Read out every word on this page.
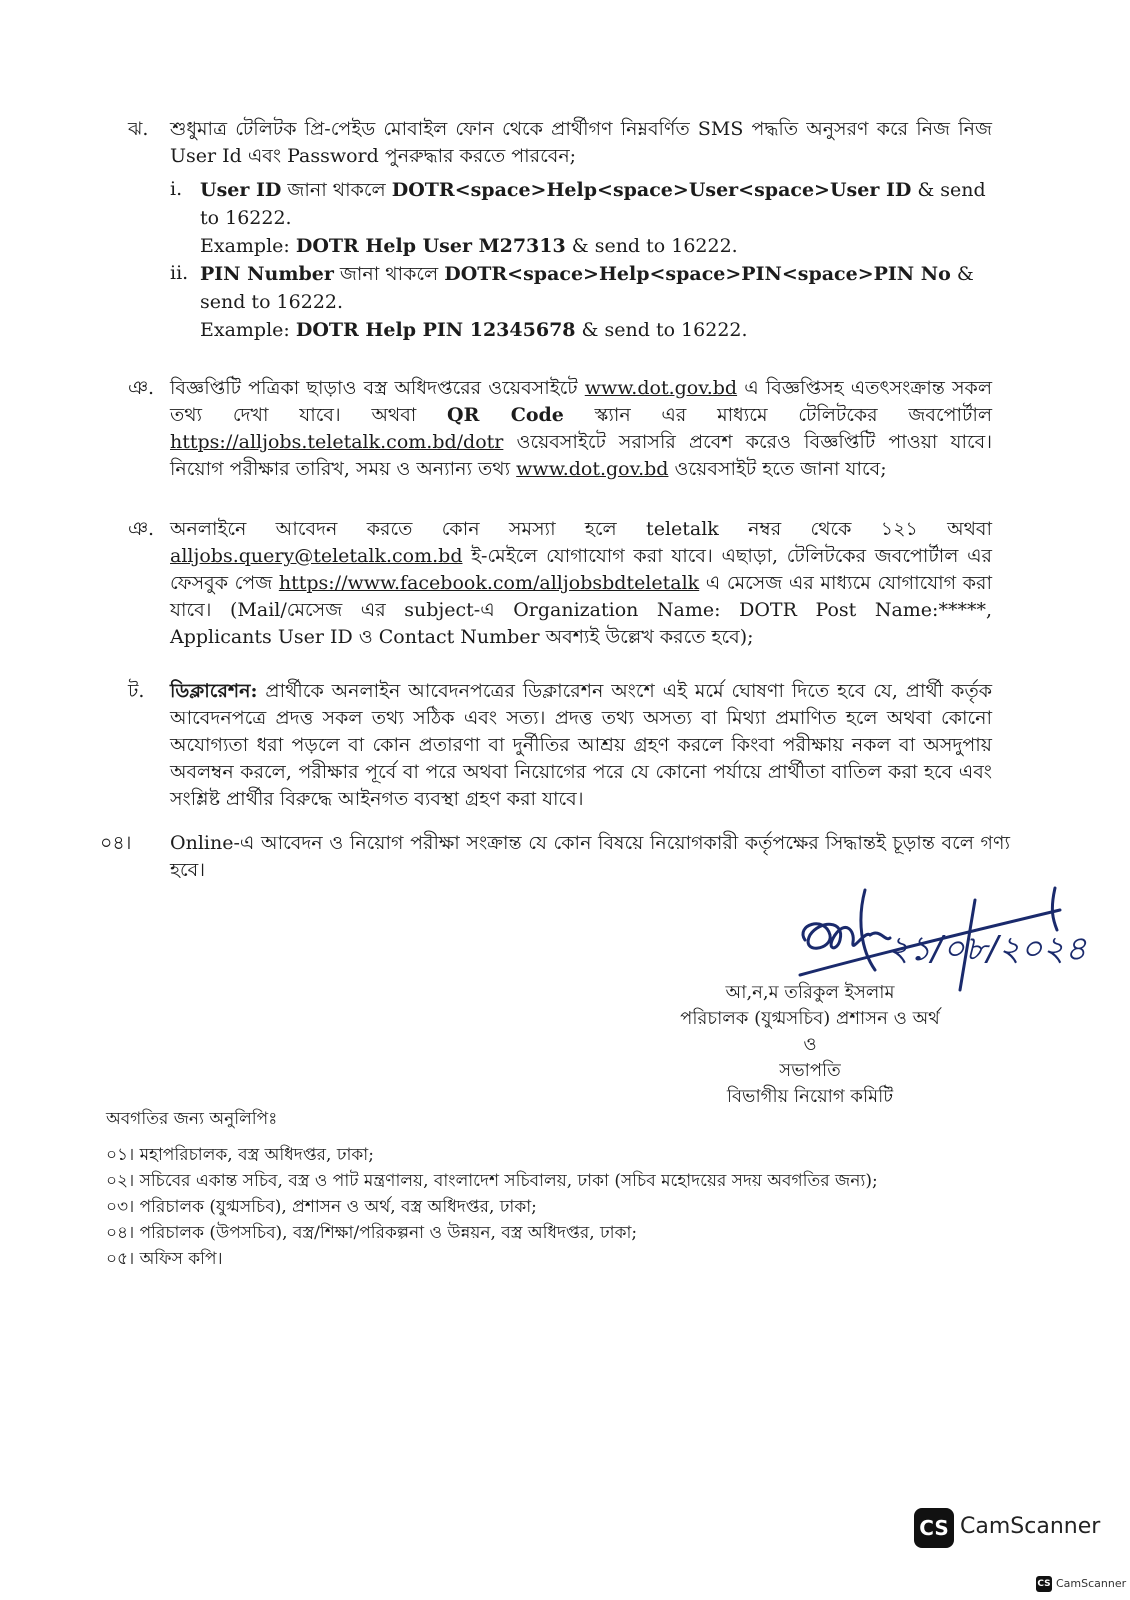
ঝ. শুধুমাত্র টেলিটক প্রি-পেইড মোবাইল ফোন থেকে প্রার্থীগণ নিম্নবর্ণিত SMS পদ্ধতি অনুসরণ করে নিজ নিজ User Id এবং Password পুনরুদ্ধার করতে পারবেন;
i. User ID জানা থাকলে DOTR<space>Help<space>User<space>User ID & send to 16222.
Example: DOTR Help User M27313 & send to 16222.
ii. PIN Number জানা থাকলে DOTR<space>Help<space>PIN<space>PIN No & send to 16222.
Example: DOTR Help PIN 12345678 & send to 16222.
ঞ. বিজ্ঞপ্তিটি পত্রিকা ছাড়াও বস্ত্র অধিদপ্তরের ওয়েবসাইটে www.dot.gov.bd এ বিজ্ঞপ্তিসহ এতৎসংক্রান্ত সকল তথ্য দেখা যাবে। অথবা QR Code স্ক্যান এর মাধ্যমে টেলিটকের জবপোর্টাল https://alljobs.teletalk.com.bd/dotr ওয়েবসাইটে সরাসরি প্রবেশ করেও বিজ্ঞপ্তিটি পাওয়া যাবে। নিয়োগ পরীক্ষার তারিখ, সময় ও অন্যান্য তথ্য www.dot.gov.bd ওয়েবসাইট হতে জানা যাবে;
ঞ. অনলাইনে আবেদন করতে কোন সমস্যা হলে teletalk নম্বর থেকে ১২১ অথবা alljobs.query@teletalk.com.bd ই-মেইলে যোগাযোগ করা যাবে। এছাড়া, টেলিটকের জবপোর্টাল এর ফেসবুক পেজ https://www.facebook.com/alljobsbdteletalk এ মেসেজ এর মাধ্যমে যোগাযোগ করা যাবে। (Mail/মেসেজ এর subject-এ Organization Name: DOTR Post Name:*****, Applicants User ID ও Contact Number অবশ্যই উল্লেখ করতে হবে);
ট. ডিক্লারেশন: প্রার্থীকে অনলাইন আবেদনপত্রের ডিক্লারেশন অংশে এই মর্মে ঘোষণা দিতে হবে যে, প্রার্থী কর্তৃক আবেদনপত্রে প্রদত্ত সকল তথ্য সঠিক এবং সত্য। প্রদত্ত তথ্য অসত্য বা মিথ্যা প্রমাণিত হলে অথবা কোনো অযোগ্যতা ধরা পড়লে বা কোন প্রতারণা বা দুর্নীতির আশ্রয় গ্রহণ করলে কিংবা পরীক্ষায় নকল বা অসদুপায় অবলম্বন করলে, পরীক্ষার পূর্বে বা পরে অথবা নিয়োগের পরে যে কোনো পর্যায়ে প্রার্থীতা বাতিল করা হবে এবং সংশ্লিষ্ট প্রার্থীর বিরুদ্ধে আইনগত ব্যবস্থা গ্রহণ করা যাবে।
০৪। Online-এ আবেদন ও নিয়োগ পরীক্ষা সংক্রান্ত যে কোন বিষয়ে নিয়োগকারী কর্তৃপক্ষের সিদ্ধান্তই চূড়ান্ত বলে গণ্য হবে।
২১/০৮/২০২৪
আ,ন,ম তরিকুল ইসলাম
পরিচালক (যুগ্মসচিব) প্রশাসন ও অর্থ
ও
সভাপতি
বিভাগীয় নিয়োগ কমিটি
অবগতির জন্য অনুলিপিঃ
০১। মহাপরিচালক, বস্ত্র অধিদপ্তর, ঢাকা;
০২। সচিবের একান্ত সচিব, বস্ত্র ও পাট মন্ত্রণালয়, বাংলাদেশ সচিবালয়, ঢাকা (সচিব মহোদয়ের সদয় অবগতির জন্য);
০৩। পরিচালক (যুগ্মসচিব), প্রশাসন ও অর্থ, বস্ত্র অধিদপ্তর, ঢাকা;
০৪। পরিচালক (উপসচিব), বস্ত্র/শিক্ষা/পরিকল্পনা ও উন্নয়ন, বস্ত্র অধিদপ্তর, ঢাকা;
০৫। অফিস কপি।
CS CamScanner
CS CamScanner
